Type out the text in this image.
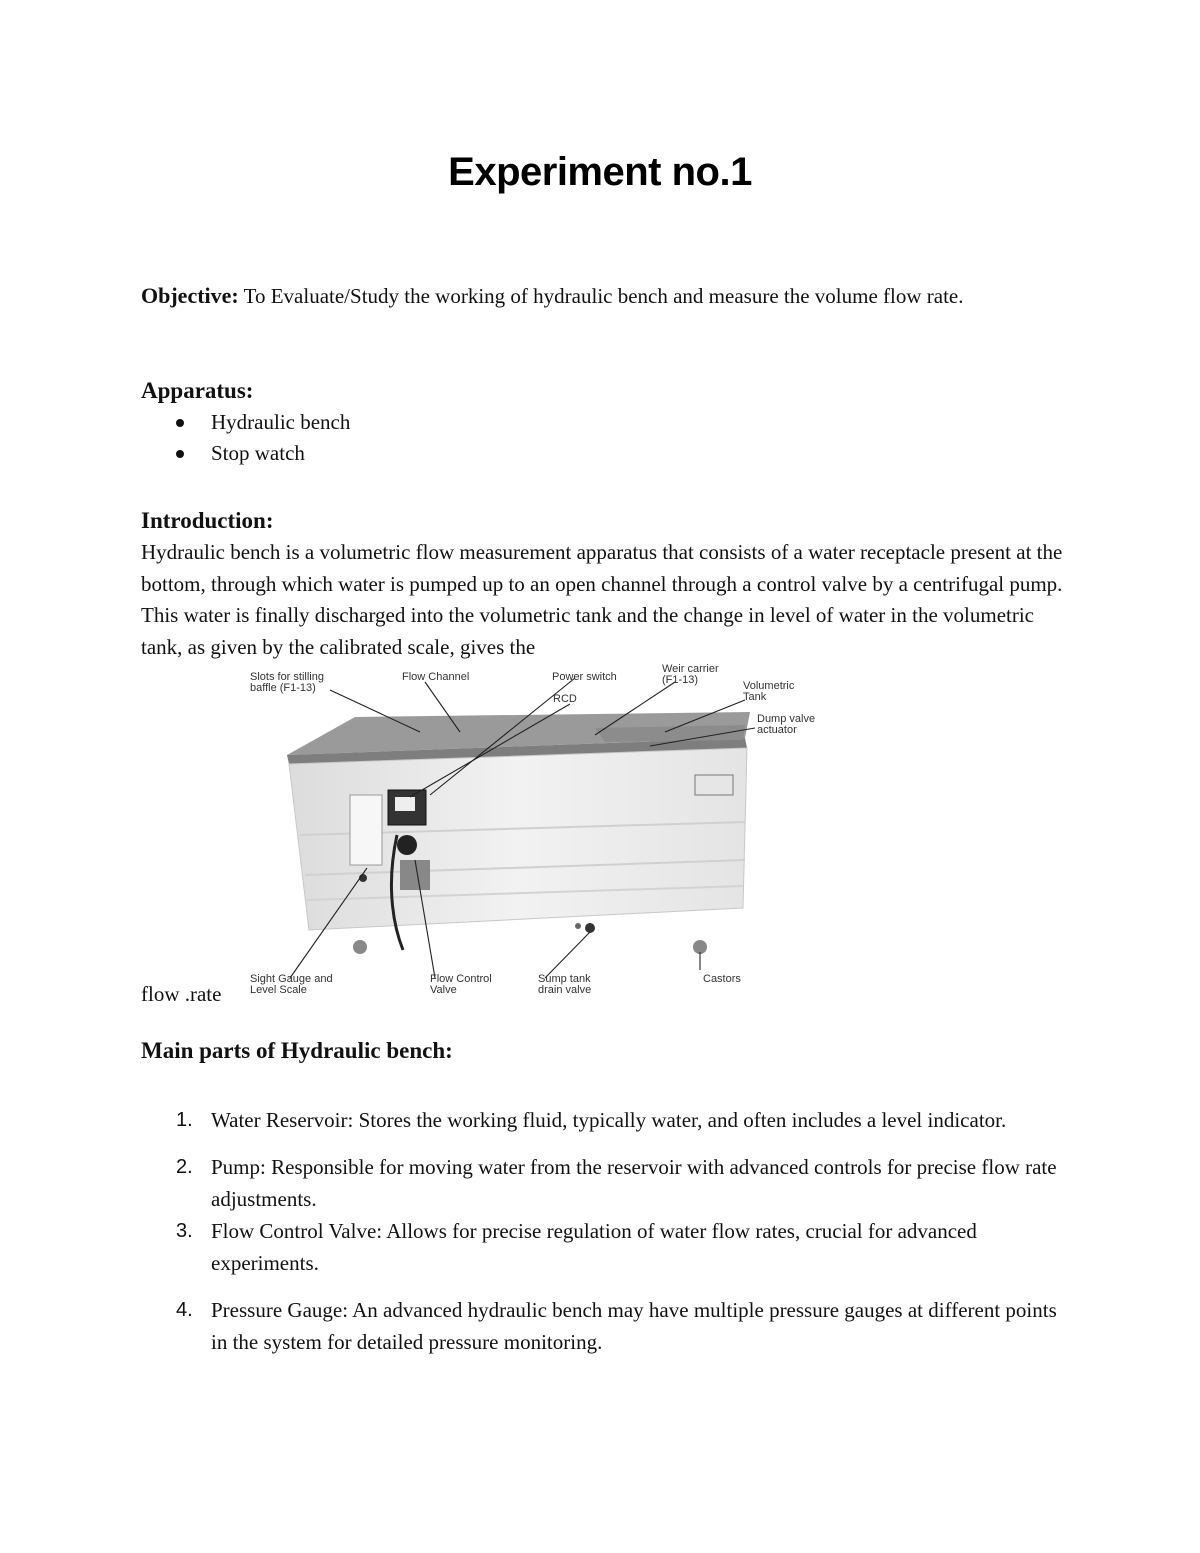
Experiment no.1
Objective: To Evaluate/Study the working of hydraulic bench and measure the volume flow rate.
Apparatus:
Hydraulic bench
Stop watch
Introduction:
Hydraulic bench is a volumetric flow measurement apparatus that consists of a water receptacle present at the bottom, through which water is pumped up to an open channel through a control valve by a centrifugal pump. This water is finally discharged into the volumetric tank and the change in level of water in the volumetric tank, as given by the calibrated scale, gives the
Slots for stilling
baffle (F1-13)
Flow Channel	Power switch
RCD
Weir carrier
(F1-13)	Volumetric
Tank
Dump valve
actuator
Sight Gauge and
Level Scale
Flow Control
Valve
Sump tank
drain valve
Castors
flow .rate
Main parts of Hydraulic bench:
1. Water Reservoir: Stores the working fluid, typically water, and often includes a level indicator.
2. Pump: Responsible for moving water from the reservoir with advanced controls for precise flow rate adjustments.
3. Flow Control Valve: Allows for precise regulation of water flow rates, crucial for advanced experiments.
4. Pressure Gauge: An advanced hydraulic bench may have multiple pressure gauges at different points in the system for detailed pressure monitoring.
